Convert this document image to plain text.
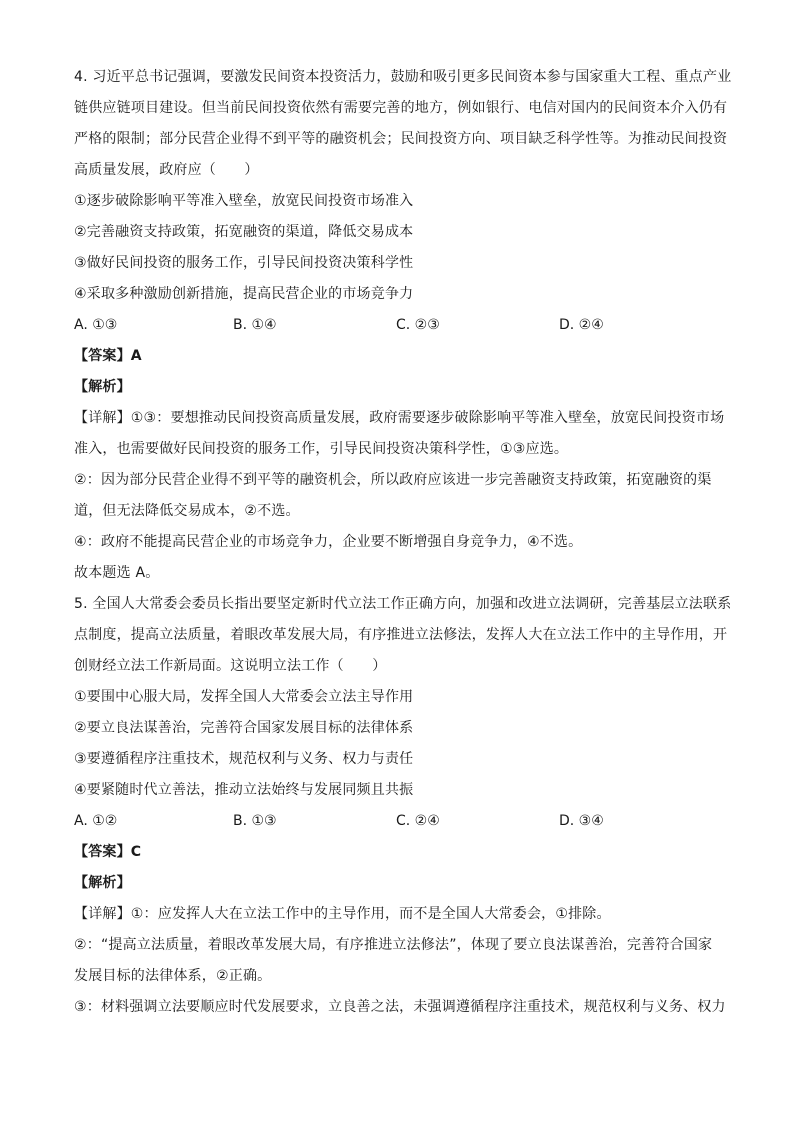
4. 习近平总书记强调，要激发民间资本投资活力，鼓励和吸引更多民间资本参与国家重大工程、重点产业
链供应链项目建设。但当前民间投资依然有需要完善的地方，例如银行、电信对国内的民间资本介入仍有
严格的限制；部分民营企业得不到平等的融资机会；民间投资方向、项目缺乏科学性等。为推动民间投资
高质量发展，政府应（　　）
①逐步破除影响平等准入壁垒，放宽民间投资市场准入
②完善融资支持政策，拓宽融资的渠道，降低交易成本
③做好民间投资的服务工作，引导民间投资决策科学性
④采取多种激励创新措施，提高民营企业的市场竞争力
A. ①③	B. ①④	C. ②③	D. ②④
【答案】A
【解析】
【详解】①③：要想推动民间投资高质量发展，政府需要逐步破除影响平等准入壁垒，放宽民间投资市场
准入，也需要做好民间投资的服务工作，引导民间投资决策科学性，①③应选。
②：因为部分民营企业得不到平等的融资机会，所以政府应该进一步完善融资支持政策，拓宽融资的渠
道，但无法降低交易成本，②不选。
④：政府不能提高民营企业的市场竞争力，企业要不断增强自身竞争力，④不选。
故本题选 A。
5. 全国人大常委会委员长指出要坚定新时代立法工作正确方向，加强和改进立法调研，完善基层立法联系
点制度，提高立法质量，着眼改革发展大局，有序推进立法修法，发挥人大在立法工作中的主导作用，开
创财经立法工作新局面。这说明立法工作（　　）
①要围中心服大局，发挥全国人大常委会立法主导作用
②要立良法谋善治，完善符合国家发展目标的法律体系
③要遵循程序注重技术，规范权利与义务、权力与责任
④要紧随时代立善法，推动立法始终与发展同频且共振
A. ①②	B. ①③	C. ②④	D. ③④
【答案】C
【解析】
【详解】①：应发挥人大在立法工作中的主导作用，而不是全国人大常委会，①排除。
②：“提高立法质量，着眼改革发展大局，有序推进立法修法”，体现了要立良法谋善治，完善符合国家
发展目标的法律体系，②正确。
③：材料强调立法要顺应时代发展要求，立良善之法，未强调遵循程序注重技术，规范权利与义务、权力
